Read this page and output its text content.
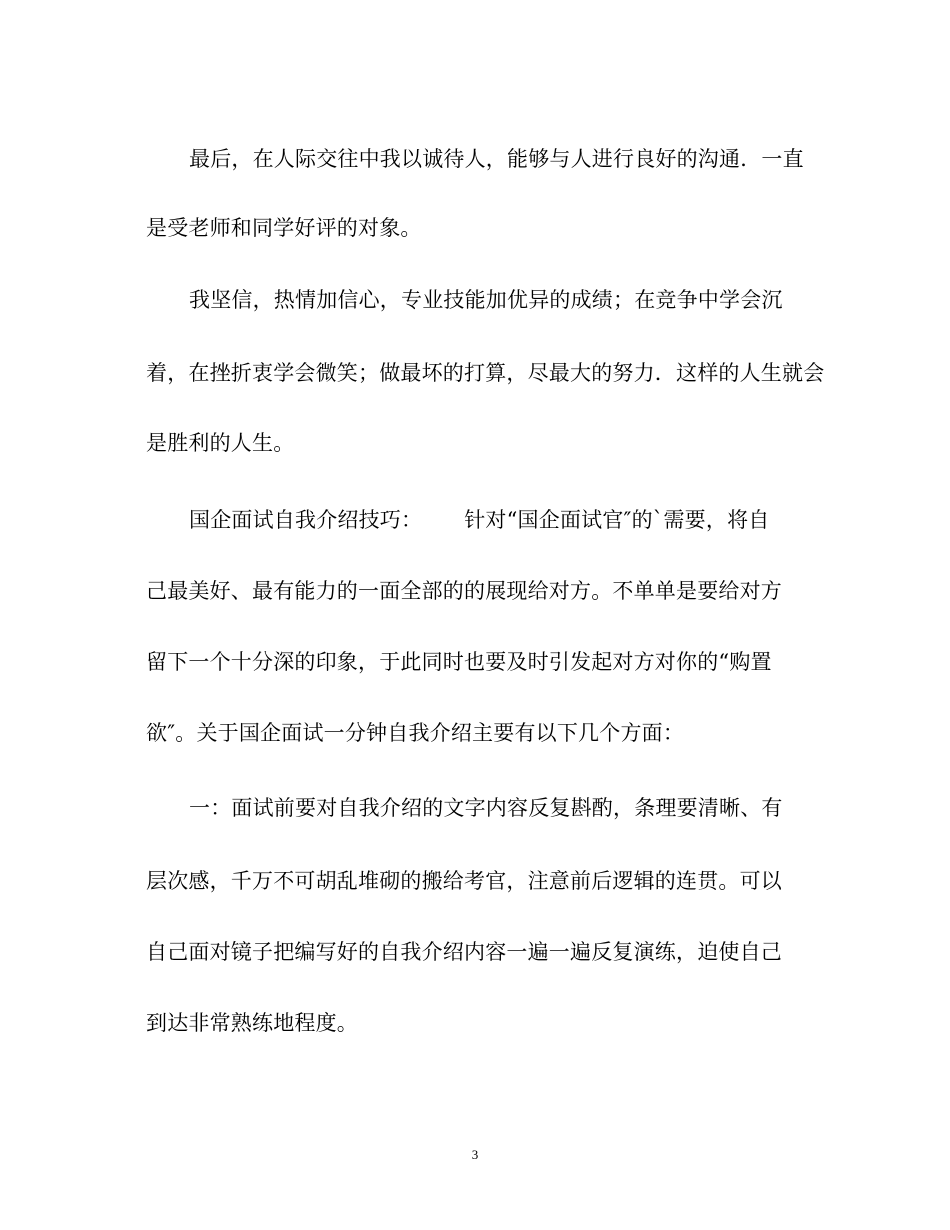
最后，在人际交往中我以诚待人，能够与人进行良好的沟通．一直
是受老师和同学好评的对象。
我坚信，热情加信心，专业技能加优异的成绩；在竞争中学会沉
着，在挫折衷学会微笑；做最坏的打算，尽最大的努力．这样的人生就会
是胜利的人生。
国企面试自我介绍技巧： 针对“国企面试官″的`需要，将自
己最美好、最有能力的一面全部的的展现给对方。不单单是要给对方
留下一个十分深的印象，于此同时也要及时引发起对方对你的“购置
欲″。关于国企面试一分钟自我介绍主要有以下几个方面：
一：面试前要对自我介绍的文字内容反复斟酌，条理要清晰、有
层次感，千万不可胡乱堆砌的搬给考官，注意前后逻辑的连贯。可以
自己面对镜子把编写好的自我介绍内容一遍一遍反复演练，迫使自己
到达非常熟练地程度。
3
